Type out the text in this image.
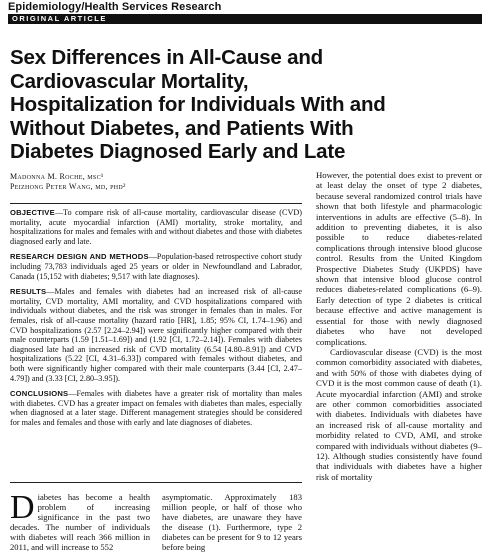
Epidemiology/Health Services Research
ORIGINAL ARTICLE
Sex Differences in All-Cause and
Cardiovascular Mortality,
Hospitalization for Individuals With and
Without Diabetes, and Patients With
Diabetes Diagnosed Early and Late
Madonna M. Roche, msc¹
Peizhong Peter Wang, md, phd²

OBJECTIVE—To compare risk of all-cause mortality, cardiovascular disease (CVD) mortality, acute myocardial infarction (AMI) mortality, stroke mortality, and hospitalizations for males and females with and without diabetes and those with diabetes diagnosed early and late.

RESEARCH DESIGN AND METHODS—Population-based retrospective cohort study including 73,783 individuals aged 25 years or older in Newfoundland and Labrador, Canada (15,152 with diabetes; 9,517 with late diagnoses).

RESULTS—Males and females with diabetes had an increased risk of all-cause mortality, CVD mortality, AMI mortality, and CVD hospitalizations compared with individuals without diabetes, and the risk was stronger in females than in males. For females, risk of all-cause mortality (hazard ratio [HR], 1.85; 95% CI, 1.74–1.96) and CVD hospitalizations (2.57 [2.24–2.94]) were significantly higher compared with their male counterparts (1.59 [1.51–1.69]) and (1.92 [CI, 1.72–2.14]). Females with diabetes diagnosed late had an increased risk of CVD mortality (6.54 [4.80–8.91]) and CVD hospitalizations (5.22 [CI, 4.31–6.33]) compared with females without diabetes, and both were significantly higher compared with their male counterparts (3.44 [CI, 2.47–4.79]) and (3.33 [CI, 2.80–3.95]).

CONCLUSIONS—Females with diabetes have a greater risk of mortality than males with diabetes. CVD has a greater impact on females with diabetes than males, especially when diagnosed at a later stage. Different management strategies should be considered for males and females and those with early and late diagnoses of diabetes.

Diabetes has become a health problem of increasing significance in the past two decades. The number of individuals with diabetes will reach 366 million in 2011, and will increase to 552
asymptomatic. Approximately 183 million people, or half of those who have diabetes, are unaware they have the disease (1). Furthermore, type 2 diabetes can be present for 9 to 12 years before being

However, the potential does exist to prevent or at least delay the onset of type 2 diabetes, because several randomized control trials have shown that both lifestyle and pharmacologic interventions in adults are effective (5–8). In addition to preventing diabetes, it is also possible to reduce diabetes-related complications through intensive blood glucose control. Results from the United Kingdom Prospective Diabetes Study (UKPDS) have shown that intensive blood glucose control reduces diabetes-related complications (6–9). Early detection of type 2 diabetes is critical because effective and active management is essential for those with newly diagnosed diabetes who have not developed complications.

Cardiovascular disease (CVD) is the most common comorbidity associated with diabetes, and with 50% of those with diabetes dying of CVD it is the most common cause of death (1). Acute myocardial infarction (AMI) and stroke are other common comorbidities associated with diabetes. Individuals with diabetes have an increased risk of all-cause mortality and morbidity related to CVD, AMI, and stroke compared with individuals without diabetes (9–12). Although studies consistently have found that individuals with diabetes have a higher risk of mortality
